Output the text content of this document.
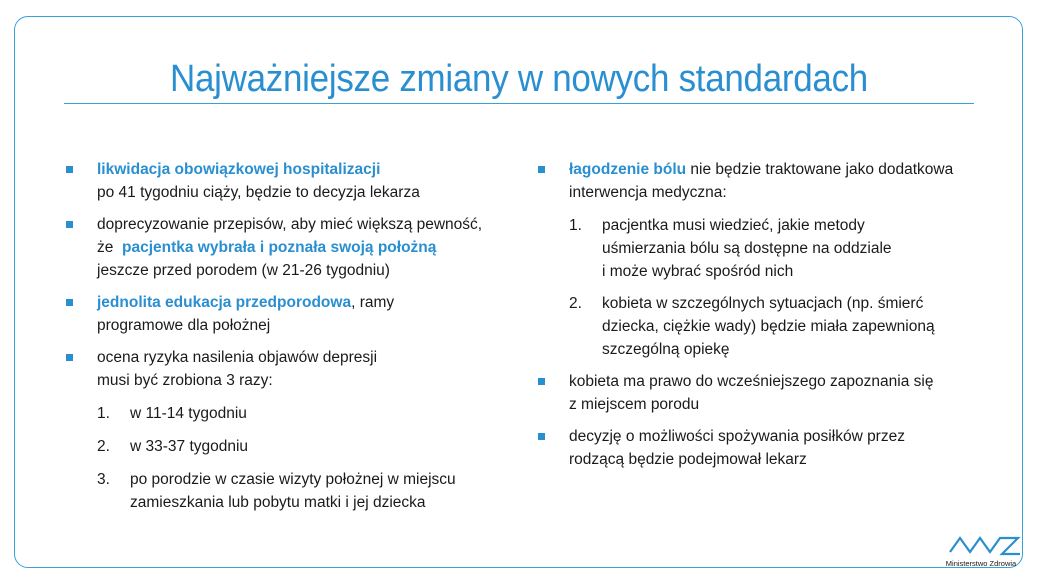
Najważniejsze zmiany w nowych standardach
likwidacja obowiązkowej hospitalizacji
po 41 tygodniu ciąży, będzie to decyzja lekarza
doprecyzowanie przepisów, aby mieć większą pewność,
że pacjentka wybrała i poznała swoją położną
jeszcze przed porodem (w 21-26 tygodniu)
jednolita edukacja przedporodowa, ramy
programowe dla położnej
ocena ryzyka nasilenia objawów depresji
musi być zrobiona 3 razy:
1. w 11-14 tygodniu
2. w 33-37 tygodniu
3. po porodzie w czasie wizyty położnej w miejscu
zamieszkania lub pobytu matki i jej dziecka
łagodzenie bólu nie będzie traktowane jako dodatkowa
interwencja medyczna:
1. pacjentka musi wiedzieć, jakie metody
uśmierzania bólu są dostępne na oddziale
i może wybrać spośród nich
2. kobieta w szczególnych sytuacjach (np. śmierć
dziecka, ciężkie wady) będzie miała zapewnioną
szczególną opiekę
kobieta ma prawo do wcześniejszego zapoznania się
z miejscem porodu
decyzję o możliwości spożywania posiłków przez
rodzącą będzie podejmował lekarz
Ministerstwo Zdrowia
